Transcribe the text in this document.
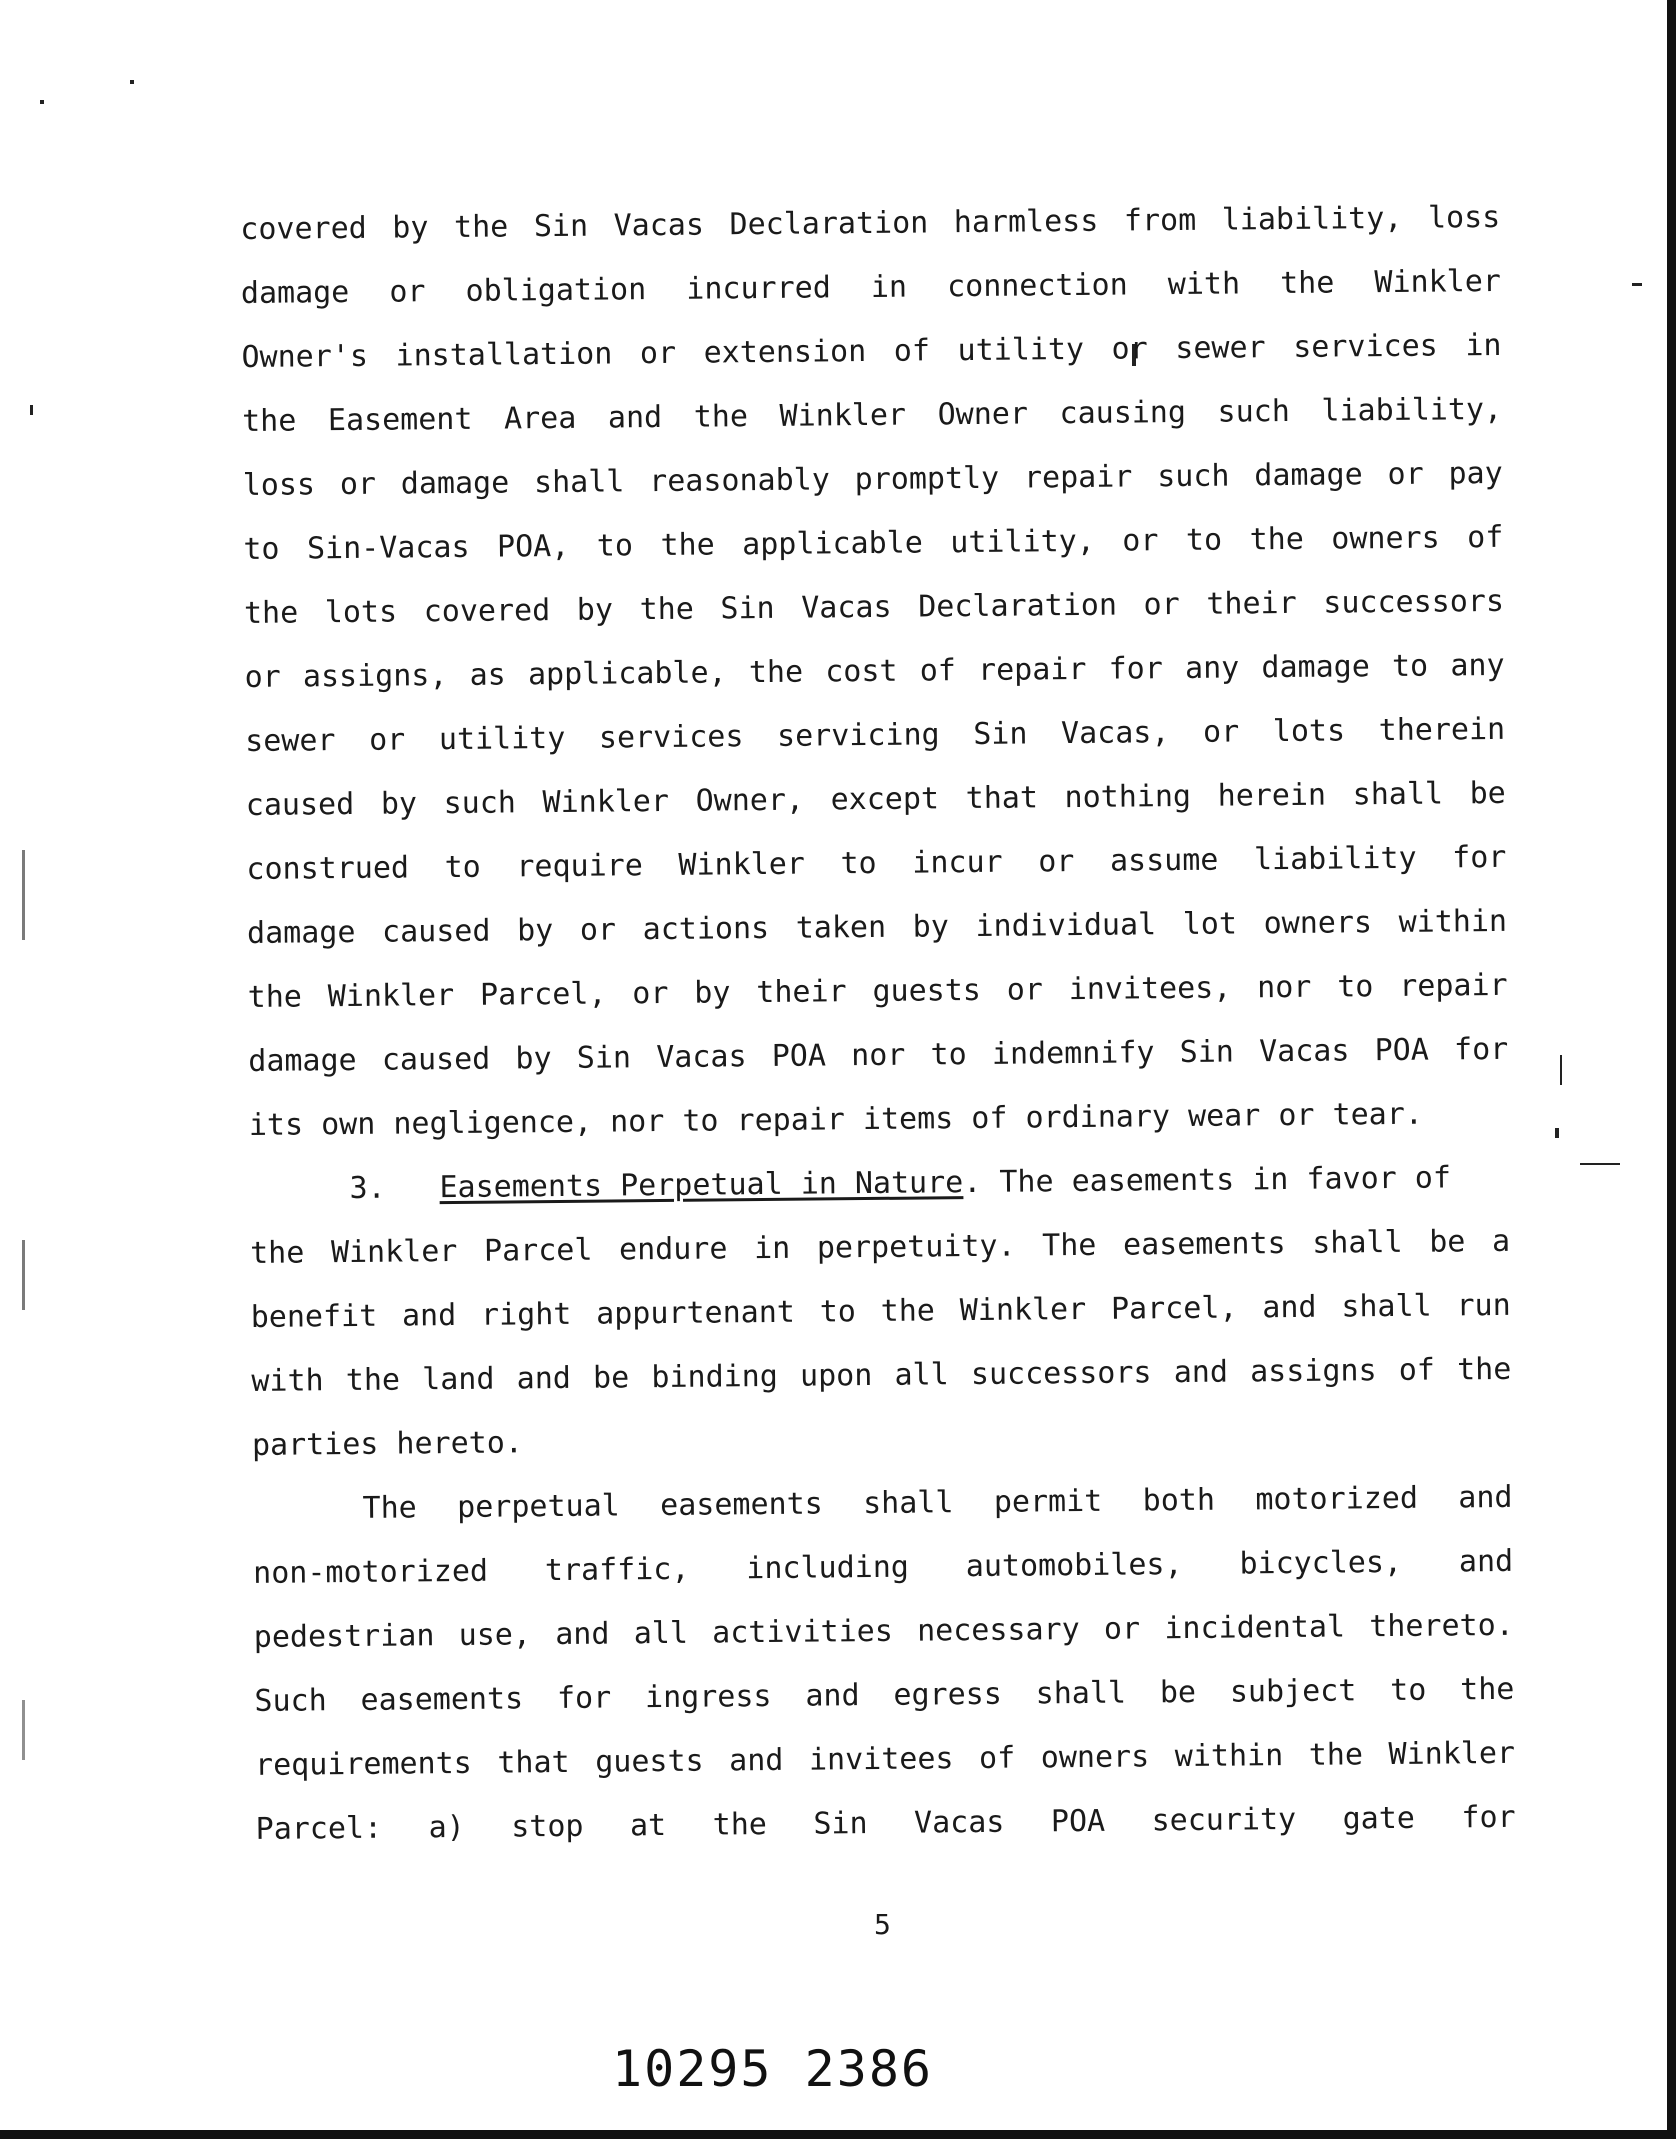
covered by the Sin Vacas Declaration harmless from liability, loss
damage or obligation incurred in connection with the Winkler
Owner's installation or extension of utility or sewer services in
the Easement Area and the Winkler Owner causing such liability,
loss or damage shall reasonably promptly repair such damage or pay
to Sin-Vacas POA, to the applicable utility, or to the owners of
the lots covered by the Sin Vacas Declaration or their successors
or assigns, as applicable, the cost of repair for any damage to any
sewer or utility services servicing Sin Vacas, or lots therein
caused by such Winkler Owner, except that nothing herein shall be
construed to require Winkler to incur or assume liability for
damage caused by or actions taken by individual lot owners within
the Winkler Parcel, or by their guests or invitees, nor to repair
damage caused by Sin Vacas POA nor to indemnify Sin Vacas POA for
its own negligence, nor to repair items of ordinary wear or tear.
3. Easements Perpetual in Nature. The easements in favor of
the Winkler Parcel endure in perpetuity. The easements shall be a
benefit and right appurtenant to the Winkler Parcel, and shall run
with the land and be binding upon all successors and assigns of the
parties hereto.
The perpetual easements shall permit both motorized and
non-motorized traffic, including automobiles, bicycles, and
pedestrian use, and all activities necessary or incidental thereto.
Such easements for ingress and egress shall be subject to the
requirements that guests and invitees of owners within the Winkler
Parcel: a) stop at the Sin Vacas POA security gate for
5
10295 2386
